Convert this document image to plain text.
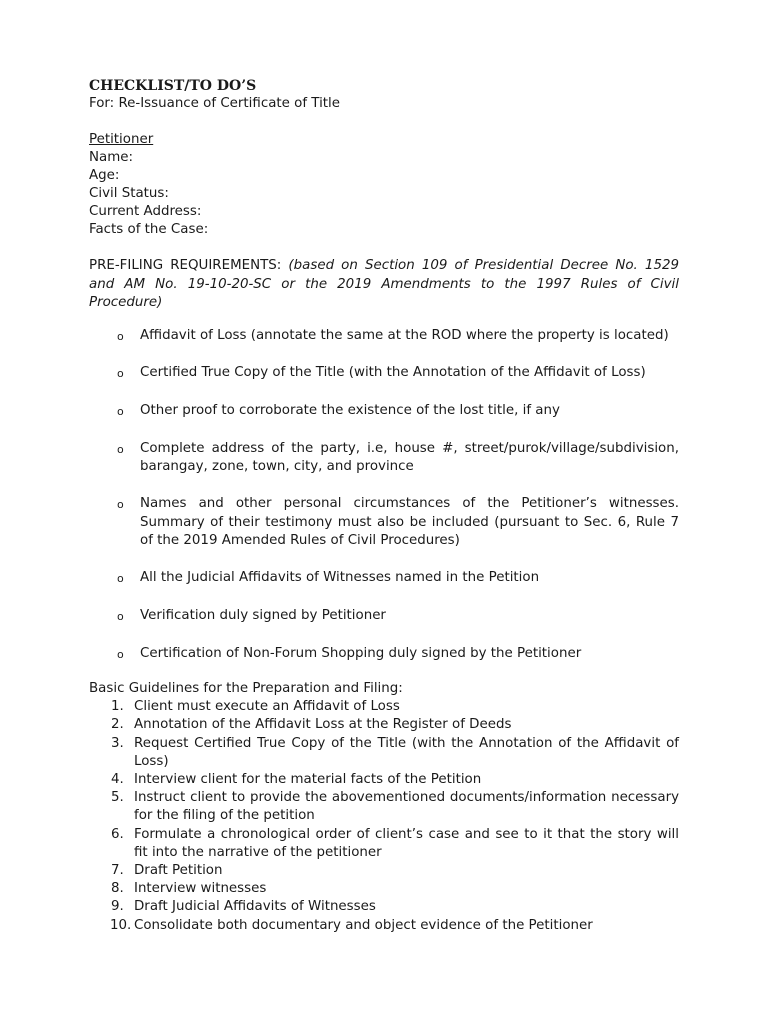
CHECKLIST/TO DO’S
For: Re-Issuance of Certificate of Title
Petitioner
Name:
Age:
Civil Status:
Current Address:
Facts of the Case:
PRE-FILING REQUIREMENTS: (based on Section 109 of Presidential Decree No. 1529 and AM No. 19-10-20-SC or the 2019 Amendments to the 1997 Rules of Civil Procedure)
o Affidavit of Loss (annotate the same at the ROD where the property is located)
o Certified True Copy of the Title (with the Annotation of the Affidavit of Loss)
o Other proof to corroborate the existence of the lost title, if any
o Complete address of the party, i.e, house #, street/purok/village/subdivision, barangay, zone, town, city, and province
o Names and other personal circumstances of the Petitioner’s witnesses. Summary of their testimony must also be included (pursuant to Sec. 6, Rule 7 of the 2019 Amended Rules of Civil Procedures)
o All the Judicial Affidavits of Witnesses named in the Petition
o Verification duly signed by Petitioner
o Certification of Non-Forum Shopping duly signed by the Petitioner
Basic Guidelines for the Preparation and Filing:
1. Client must execute an Affidavit of Loss
2. Annotation of the Affidavit Loss at the Register of Deeds
3. Request Certified True Copy of the Title (with the Annotation of the Affidavit of Loss)
4. Interview client for the material facts of the Petition
5. Instruct client to provide the abovementioned documents/information necessary for the filing of the petition
6. Formulate a chronological order of client’s case and see to it that the story will fit into the narrative of the petitioner
7. Draft Petition
8. Interview witnesses
9. Draft Judicial Affidavits of Witnesses
10. Consolidate both documentary and object evidence of the Petitioner
